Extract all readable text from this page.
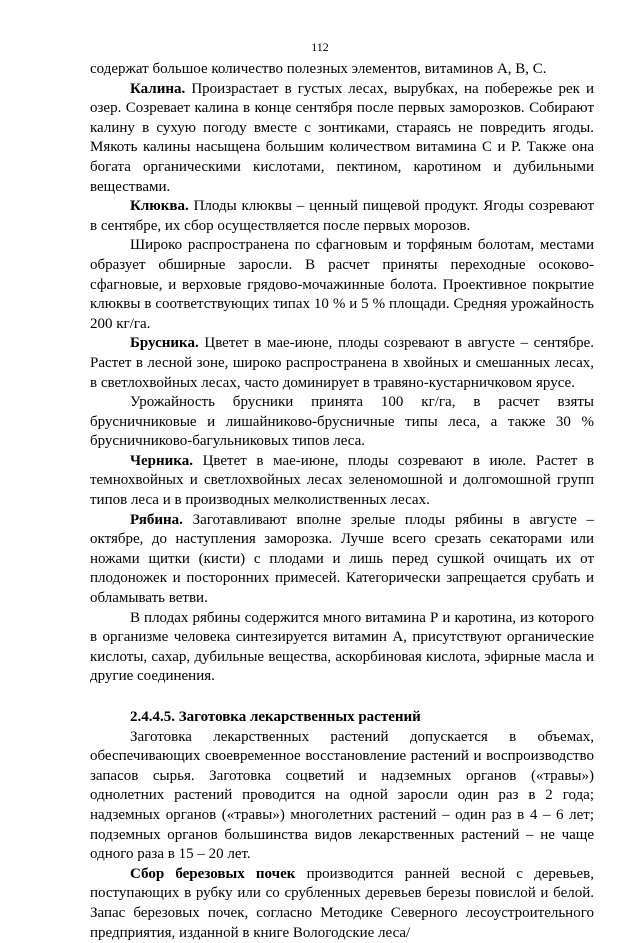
112

содержат большое количество полезных элементов, витаминов А, В, С.

Калина. Произрастает в густых лесах, вырубках, на побережье рек и озер. Созревает калина в конце сентября после первых заморозков. Собирают калину в сухую погоду вместе с зонтиками, стараясь не повредить ягоды. Мякоть калины насыщена большим количеством витамина С и Р. Также она богата органическими кислотами, пектином, каротином и дубильными веществами.

Клюква. Плоды клюквы – ценный пищевой продукт. Ягоды созревают в сентябре, их сбор осуществляется после первых морозов.

Широко распространена по сфагновым и торфяным болотам, местами образует обширные заросли. В расчет приняты переходные осоково-сфагновые, и верховые грядово-мочажинные болота. Проективное покрытие клюквы в соответствующих типах 10 % и 5 % площади. Средняя урожайность 200 кг/га.

Брусника. Цветет в мае-июне, плоды созревают в августе – сентябре. Растет в лесной зоне, широко распространена в хвойных и смешанных лесах, в светлохвойных лесах, часто доминирует в травяно-кустарничковом ярусе.

Урожайность брусники принята 100 кг/га, в расчет взяты брусничниковые и лишайниково-брусничные типы леса, а также 30 % брусничниково-багульниковых типов леса.

Черника. Цветет в мае-июне, плоды созревают в июле. Растет в темнохвойных и светлохвойных лесах зеленомошной и долгомошной групп типов леса и в производных мелколиственных лесах.

Рябина. Заготавливают вполне зрелые плоды рябины в августе – октябре, до наступления заморозка. Лучше всего срезать секаторами или ножами щитки (кисти) с плодами и лишь перед сушкой очищать их от плодоножек и посторонних примесей. Категорически запрещается срубать и обламывать ветви.

В плодах рябины содержится много витамина Р и каротина, из которого в организме человека синтезируется витамин А, присутствуют органические кислоты, сахар, дубильные вещества, аскорбиновая кислота, эфирные масла и другие соединения.

2.4.4.5. Заготовка лекарственных растений

Заготовка лекарственных растений допускается в объемах, обеспечивающих своевременное восстановление растений и воспроизводство запасов сырья. Заготовка соцветий и надземных органов («травы») однолетних растений проводится на одной заросли один раз в 2 года; надземных органов («травы») многолетних растений – один раз в 4 – 6 лет; подземных органов большинства видов лекарственных растений – не чаще одного раза в 15 – 20 лет.

Сбор березовых почек производится ранней весной с деревьев, поступающих в рубку или со срубленных деревьев березы повислой и белой. Запас березовых почек, согласно Методике Северного лесоустроительного предприятия, изданной в книге Вологодские леса/
